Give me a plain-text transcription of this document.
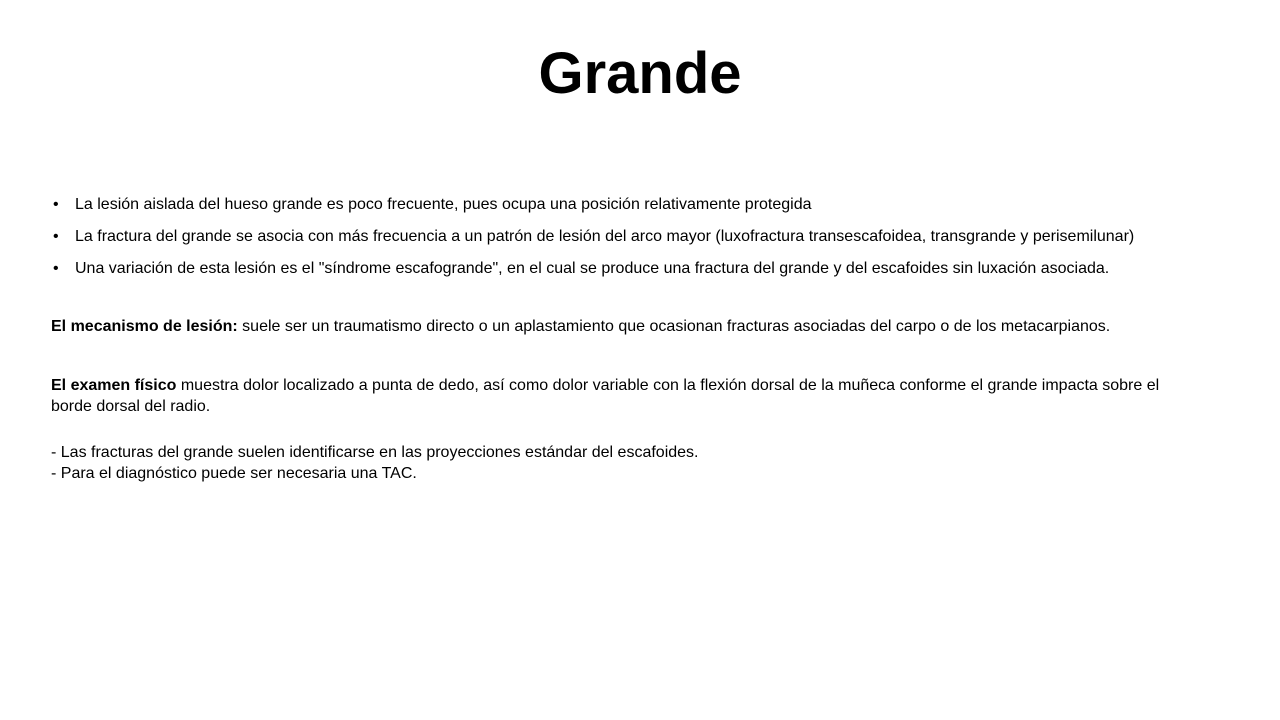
Grande
• La lesión aislada del hueso grande es poco frecuente, pues ocupa una posición relativamente protegida
• La fractura del grande se asocia con más frecuencia a un patrón de lesión del arco mayor (luxofractura transescafoidea, transgrande y perisemilunar)
• Una variación de esta lesión es el "síndrome escafogrande", en el cual se produce una fractura del grande y del escafoides sin luxación asociada.

El mecanismo de lesión: suele ser un traumatismo directo o un aplastamiento que ocasionan fracturas asociadas del carpo o de los metacarpianos.

El examen físico muestra dolor localizado a punta de dedo, así como dolor variable con la flexión dorsal de la muñeca conforme el grande impacta sobre el borde dorsal del radio.

- Las fracturas del grande suelen identificarse en las proyecciones estándar del escafoides.
- Para el diagnóstico puede ser necesaria una TAC.
